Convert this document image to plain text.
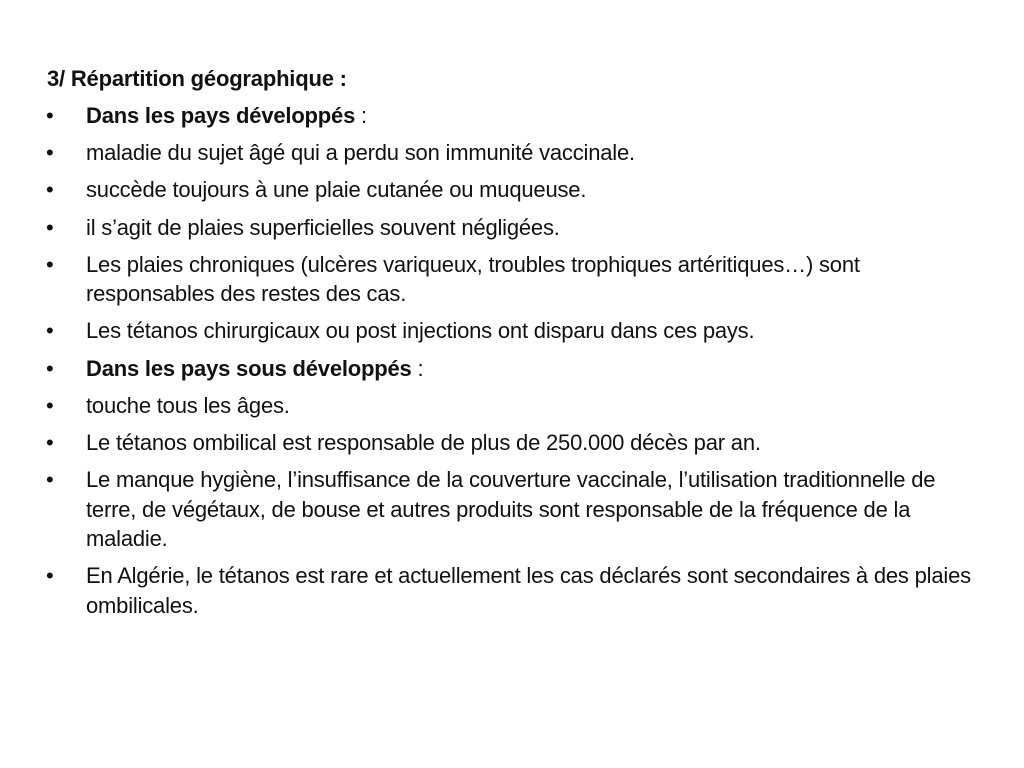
3/ Répartition géographique :
•	Dans les pays développés :
•	maladie du sujet âgé qui a perdu son immunité vaccinale.
•	succède toujours à une plaie cutanée ou muqueuse.
•	il s’agit de plaies superficielles souvent négligées.
•	Les plaies chroniques (ulcères variqueux, troubles trophiques artéritiques…) sont responsables des restes des cas.
•	Les tétanos chirurgicaux ou post injections ont disparu dans ces pays.
•	Dans les pays sous développés :
•	touche tous les âges.
•	Le tétanos ombilical est responsable de plus de 250.000 décès par an.
•	Le manque hygiène, l’insuffisance de la couverture vaccinale, l’utilisation traditionnelle de terre, de végétaux, de bouse et autres produits sont responsable de la fréquence de la maladie.
•	En Algérie, le tétanos est rare et actuellement les cas déclarés sont secondaires à des plaies ombilicales.
